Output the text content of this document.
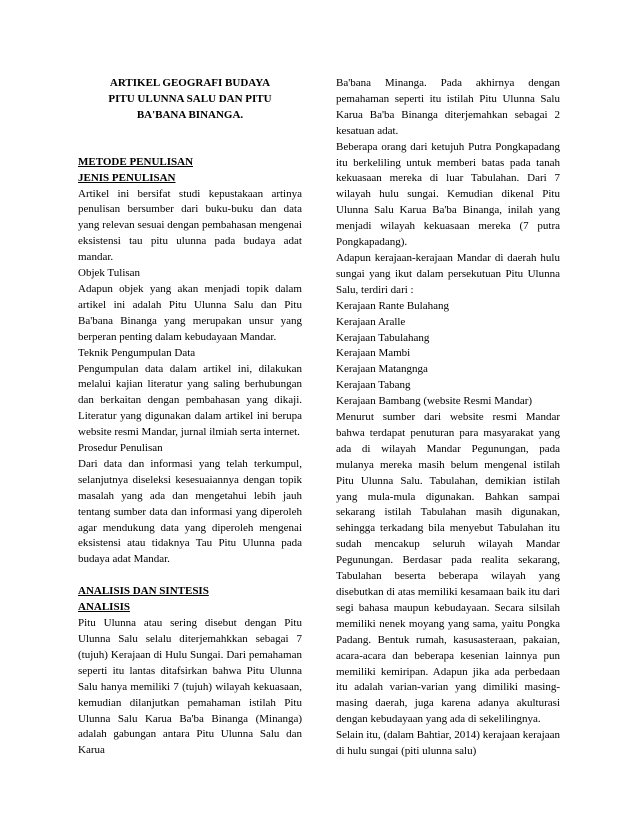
ARTIKEL GEOGRAFI BUDAYA
PITU ULUNNA SALU DAN PITU
BA'BANA BINANGA.
METODE PENULISAN
JENIS PENULISAN
Artikel ini bersifat studi kepustakaan artinya penulisan bersumber dari buku-buku dan data yang relevan sesuai dengan pembahasan mengenai eksistensi tau pitu ulunna pada budaya adat mandar.
Objek Tulisan
Adapun objek yang akan menjadi topik dalam artikel ini adalah Pitu Ulunna Salu dan Pitu Ba'bana Binanga yang merupakan unsur yang berperan penting dalam kebudayaan Mandar.
Teknik Pengumpulan Data
Pengumpulan data dalam artikel ini, dilakukan melalui kajian literatur yang saling berhubungan dan berkaitan dengan pembahasan yang dikaji. Literatur yang digunakan dalam artikel ini berupa website resmi Mandar, jurnal ilmiah serta internet.
Prosedur Penulisan
Dari data dan informasi yang telah terkumpul, selanjutnya diseleksi kesesuaiannya dengan topik masalah yang ada dan mengetahui lebih jauh tentang sumber data dan informasi yang diperoleh agar mendukung data yang diperoleh mengenai eksistensi atau tidaknya Tau Pitu Ulunna pada budaya adat Mandar.
ANALISIS DAN SINTESIS
ANALISIS
Pitu Ulunna atau sering disebut dengan Pitu Ulunna Salu selalu diterjemahkkan sebagai 7 (tujuh) Kerajaan di Hulu Sungai. Dari pemahaman seperti itu lantas ditafsirkan bahwa Pitu Ulunna Salu hanya memiliki 7 (tujuh) wilayah kekuasaan, kemudian dilanjutkan pemahaman istilah Pitu Ulunna Salu Karua Ba'ba Binanga (Minanga) adalah gabungan antara Pitu Ulunna Salu dan Karua
Ba'bana Minanga. Pada akhirnya dengan pemahaman seperti itu istilah Pitu Ulunna Salu Karua Ba'ba Binanga diterjemahkan sebagai 2 kesatuan adat.
Beberapa orang dari ketujuh Putra Pongkapadang itu berkeliling untuk memberi batas pada tanah kekuasaan mereka di luar Tabulahan. Dari 7 wilayah hulu sungai. Kemudian dikenal Pitu Ulunna Salu Karua Ba'ba Binanga, inilah yang menjadi wilayah kekuasaan mereka (7 putra Pongkapadang).
Adapun kerajaan-kerajaan Mandar di daerah hulu sungai yang ikut dalam persekutuan Pitu Ulunna Salu, terdiri dari :
Kerajaan Rante Bulahang
Kerajaan Aralle
Kerajaan Tabulahang
Kerajaan Mambi
Kerajaan Matangnga
Kerajaan Tabang
Kerajaan Bambang (website Resmi Mandar)
Menurut sumber dari website resmi Mandar bahwa terdapat penuturan para masyarakat yang ada di wilayah Mandar Pegunungan, pada mulanya mereka masih belum mengenal istilah Pitu Ulunna Salu. Tabulahan, demikian istilah yang mula-mula digunakan. Bahkan sampai sekarang istilah Tabulahan masih digunakan, sehingga terkadang bila menyebut Tabulahan itu sudah mencakup seluruh wilayah Mandar Pegunungan. Berdasar pada realita sekarang, Tabulahan beserta beberapa wilayah yang disebutkan di atas memiliki kesamaan baik itu dari segi bahasa maupun kebudayaan. Secara silsilah memiliki nenek moyang yang sama, yaitu Pongka Padang. Bentuk rumah, kasusasteraan, pakaian, acara-acara dan beberapa kesenian lainnya pun memiliki kemiripan. Adapun jika ada perbedaan itu adalah varian-varian yang dimiliki masing-masing daerah, juga karena adanya akulturasi dengan kebudayaan yang ada di sekelilingnya.
Selain itu, (dalam Bahtiar, 2014) kerajaan kerajaan di hulu sungai (piti ulunna salu)
